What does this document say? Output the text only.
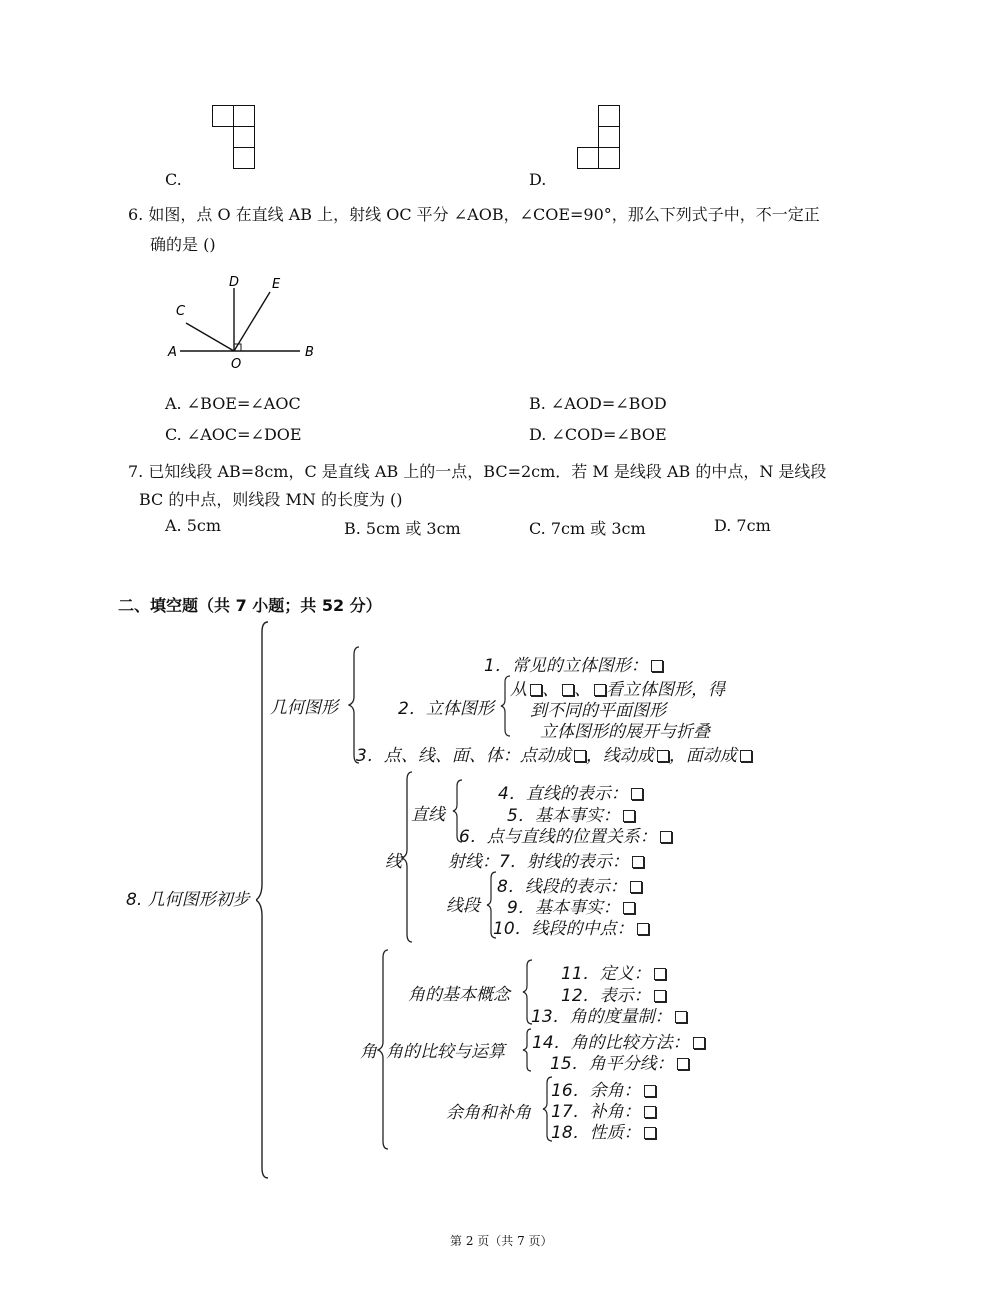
C.	D.
6. 如图，点 O 在直线 AB 上，射线 OC 平分 ∠AOB，∠COE=90°，那么下列式子中，不一定正
确的是 ()
D	E
C
A
O
B
A. ∠BOE=∠AOC	B. ∠AOD=∠BOD
C. ∠AOC=∠DOE	D. ∠COD=∠BOE
7. 已知线段 AB=8cm，C 是直线 AB 上的一点，BC=2cm．若 M 是线段 AB 的中点，N 是线段
BC 的中点，则线段 MN 的长度为 ()
A. 5cm	B. 5cm 或 3cm	C. 7cm 或 3cm	D. 7cm
二、填空题（共 7 小题；共 52 分）
8. 几何图形初步
几何图形
1．常见的立体图形：
2．立体图形
从 、 、 看立体图形，得
到不同的平面图形
立体图形的展开与折叠
3．点、线、面、体：点动成 ，线动成 ，面动成
线
直线
4．直线的表示：
5．基本事实：
6．点与直线的位置关系：
射线：7．射线的表示：
线段
8．线段的表示：
9．基本事实：
10．线段的中点：
角
角的基本概念
11．定义：
12．表示：
13．角的度量制：
角的比较与运算 14．角的比较方法：
15．角平分线：
余角和补角
16．余角：
17．补角：
18．性质：
第 2 页（共 7 页）
